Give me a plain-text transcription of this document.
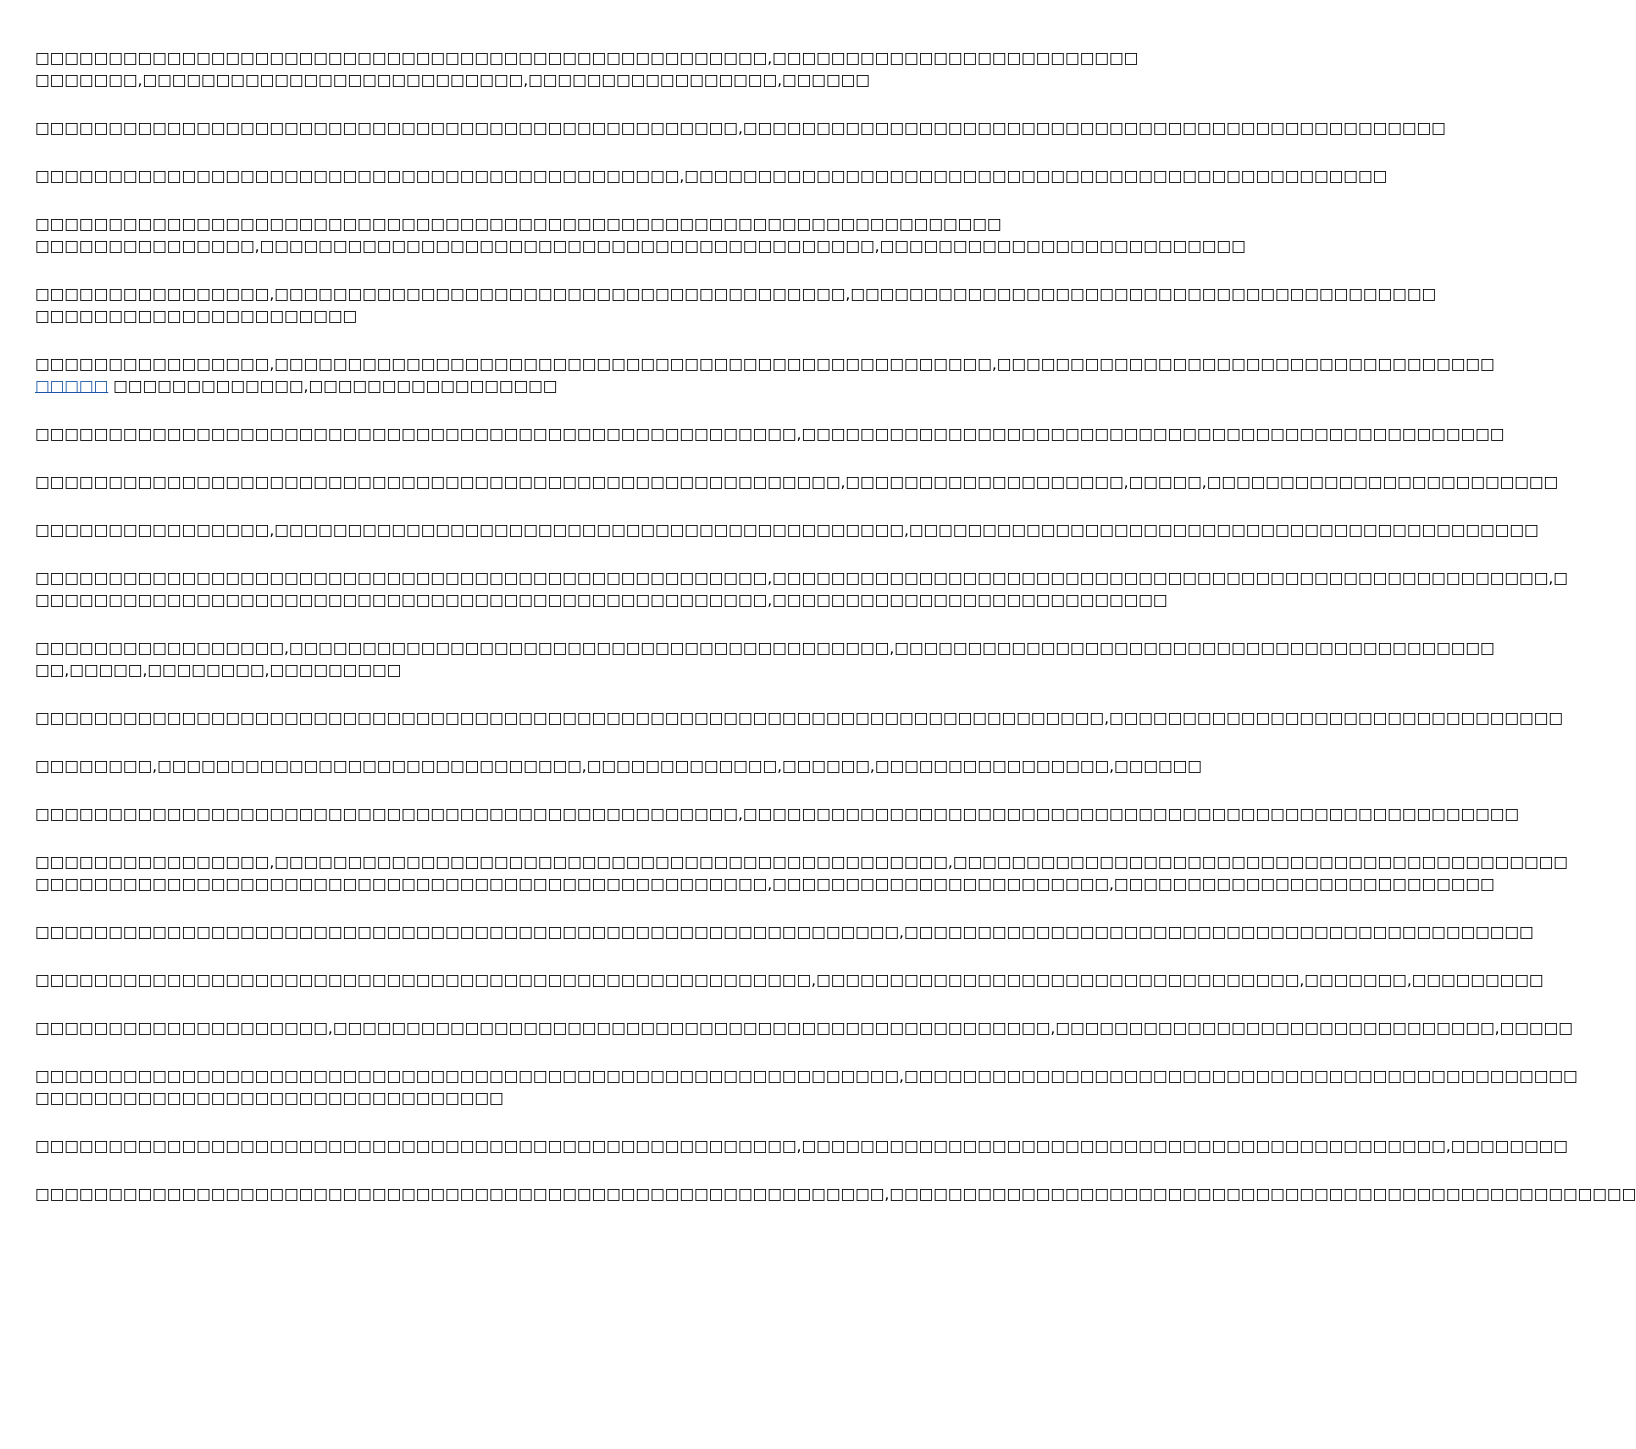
□□□□□□□□□□□□□□□□□□□□□□□□□□□□□□□□□□□□□□□□□□□□□□□□□□,□□□□□□□□□□□□□□□□□□□□□□□□□
□□□□□□□,□□□□□□□□□□□□□□□□□□□□□□□□□□,□□□□□□□□□□□□□□□□□,□□□□□□

□□□□□□□□□□□□□□□□□□□□□□□□□□□□□□□□□□□□□□□□□□□□□□□□,□□□□□□□□□□□□□□□□□□□□□□□□□□□□□□□□□□□□□□□□□□□□□□□□

□□□□□□□□□□□□□□□□□□□□□□□□□□□□□□□□□□□□□□□□□□□□,□□□□□□□□□□□□□□□□□□□□□□□□□□□□□□□□□□□□□□□□□□□□□□□□

□□□□□□□□□□□□□□□□□□□□□□□□□□□□□□□□□□□□□□□□□□□□□□□□□□□□□□□□□□□□□□□□□□
□□□□□□□□□□□□□□□,□□□□□□□□□□□□□□□□□□□□□□□□□□□□□□□□□□□□□□□□□□,□□□□□□□□□□□□□□□□□□□□□□□□□

□□□□□□□□□□□□□□□□,□□□□□□□□□□□□□□□□□□□□□□□□□□□□□□□□□□□□□□□,□□□□□□□□□□□□□□□□□□□□□□□□□□□□□□□□□□□□□□□□
□□□□□□□□□□□□□□□□□□□□□□

□□□□□□□□□□□□□□□□,□□□□□□□□□□□□□□□□□□□□□□□□□□□□□□□□□□□□□□□□□□□□□□□□□,□□□□□□□□□□□□□□□□□□□□□□□□□□□□□□□□□□
□□□□□ □□□□□□□□□□□□□,□□□□□□□□□□□□□□□□□

□□□□□□□□□□□□□□□□□□□□□□□□□□□□□□□□□□□□□□□□□□□□□□□□□□□□,□□□□□□□□□□□□□□□□□□□□□□□□□□□□□□□□□□□□□□□□□□□□□□□□

□□□□□□□□□□□□□□□□□□□□□□□□□□□□□□□□□□□□□□□□□□□□□□□□□□□□□□□,□□□□□□□□□□□□□□□□□□□,□□□□□,□□□□□□□□□□□□□□□□□□□□□□□□

□□□□□□□□□□□□□□□□,□□□□□□□□□□□□□□□□□□□□□□□□□□□□□□□□□□□□□□□□□□□,□□□□□□□□□□□□□□□□□□□□□□□□□□□□□□□□□□□□□□□□□□□

□□□□□□□□□□□□□□□□□□□□□□□□□□□□□□□□□□□□□□□□□□□□□□□□□□,□□□□□□□□□□□□□□□□□□□□□□□□□□□□□□□□□□□□□□□□□□□□□□□□□□□□□,□
□□□□□□□□□□□□□□□□□□□□□□□□□□□□□□□□□□□□□□□□□□□□□□□□□□,□□□□□□□□□□□□□□□□□□□□□□□□□□□

□□□□□□□□□□□□□□□□□,□□□□□□□□□□□□□□□□□□□□□□□□□□□□□□□□□□□□□□□□□,□□□□□□□□□□□□□□□□□□□□□□□□□□□□□□□□□□□□□□□□□
□□,□□□□□,□□□□□□□□,□□□□□□□□□

□□□□□□□□□□□□□□□□□□□□□□□□□□□□□□□□□□□□□□□□□□□□□□□□□□□□□□□□□□□□□□□□□□□□□□□□□,□□□□□□□□□□□□□□□□□□□□□□□□□□□□□□□

□□□□□□□□,□□□□□□□□□□□□□□□□□□□□□□□□□□□□□,□□□□□□□□□□□□□,□□□□□□,□□□□□□□□□□□□□□□□,□□□□□□

□□□□□□□□□□□□□□□□□□□□□□□□□□□□□□□□□□□□□□□□□□□□□□□□,□□□□□□□□□□□□□□□□□□□□□□□□□□□□□□□□□□□□□□□□□□□□□□□□□□□□□

□□□□□□□□□□□□□□□□,□□□□□□□□□□□□□□□□□□□□□□□□□□□□□□□□□□□□□□□□□□□□□□,□□□□□□□□□□□□□□□□□□□□□□□□□□□□□□□□□□□□□□□□□□
□□□□□□□□□□□□□□□□□□□□□□□□□□□□□□□□□□□□□□□□□□□□□□□□□□,□□□□□□□□□□□□□□□□□□□□□□□,□□□□□□□□□□□□□□□□□□□□□□□□□□

□□□□□□□□□□□□□□□□□□□□□□□□□□□□□□□□□□□□□□□□□□□□□□□□□□□□□□□□□□□,□□□□□□□□□□□□□□□□□□□□□□□□□□□□□□□□□□□□□□□□□□□

□□□□□□□□□□□□□□□□□□□□□□□□□□□□□□□□□□□□□□□□□□□□□□□□□□□□□,□□□□□□□□□□□□□□□□□□□□□□□□□□□□□□□□□,□□□□□□□,□□□□□□□□□

□□□□□□□□□□□□□□□□□□□□,□□□□□□□□□□□□□□□□□□□□□□□□□□□□□□□□□□□□□□□□□□□□□□□□□,□□□□□□□□□□□□□□□□□□□□□□□□□□□□□□,□□□□□

□□□□□□□□□□□□□□□□□□□□□□□□□□□□□□□□□□□□□□□□□□□□□□□□□□□□□□□□□□□,□□□□□□□□□□□□□□□□□□□□□□□□□□□□□□□□□□□□□□□□□□□□□□
□□□□□□□□□□□□□□□□□□□□□□□□□□□□□□□□

□□□□□□□□□□□□□□□□□□□□□□□□□□□□□□□□□□□□□□□□□□□□□□□□□□□□,□□□□□□□□□□□□□□□□□□□□□□□□□□□□□□□□□□□□□□□□□□□□,□□□□□□□□

□□□□□□□□□□□□□□□□□□□□□□□□□□□□□□□□□□□□□□□□□□□□□□□□□□□□□□□□□□,□□□□□□□□□□□□□□□□□□□□□□□□□□□□□□□□□□□□□□□□□□□□□□□□□□□
